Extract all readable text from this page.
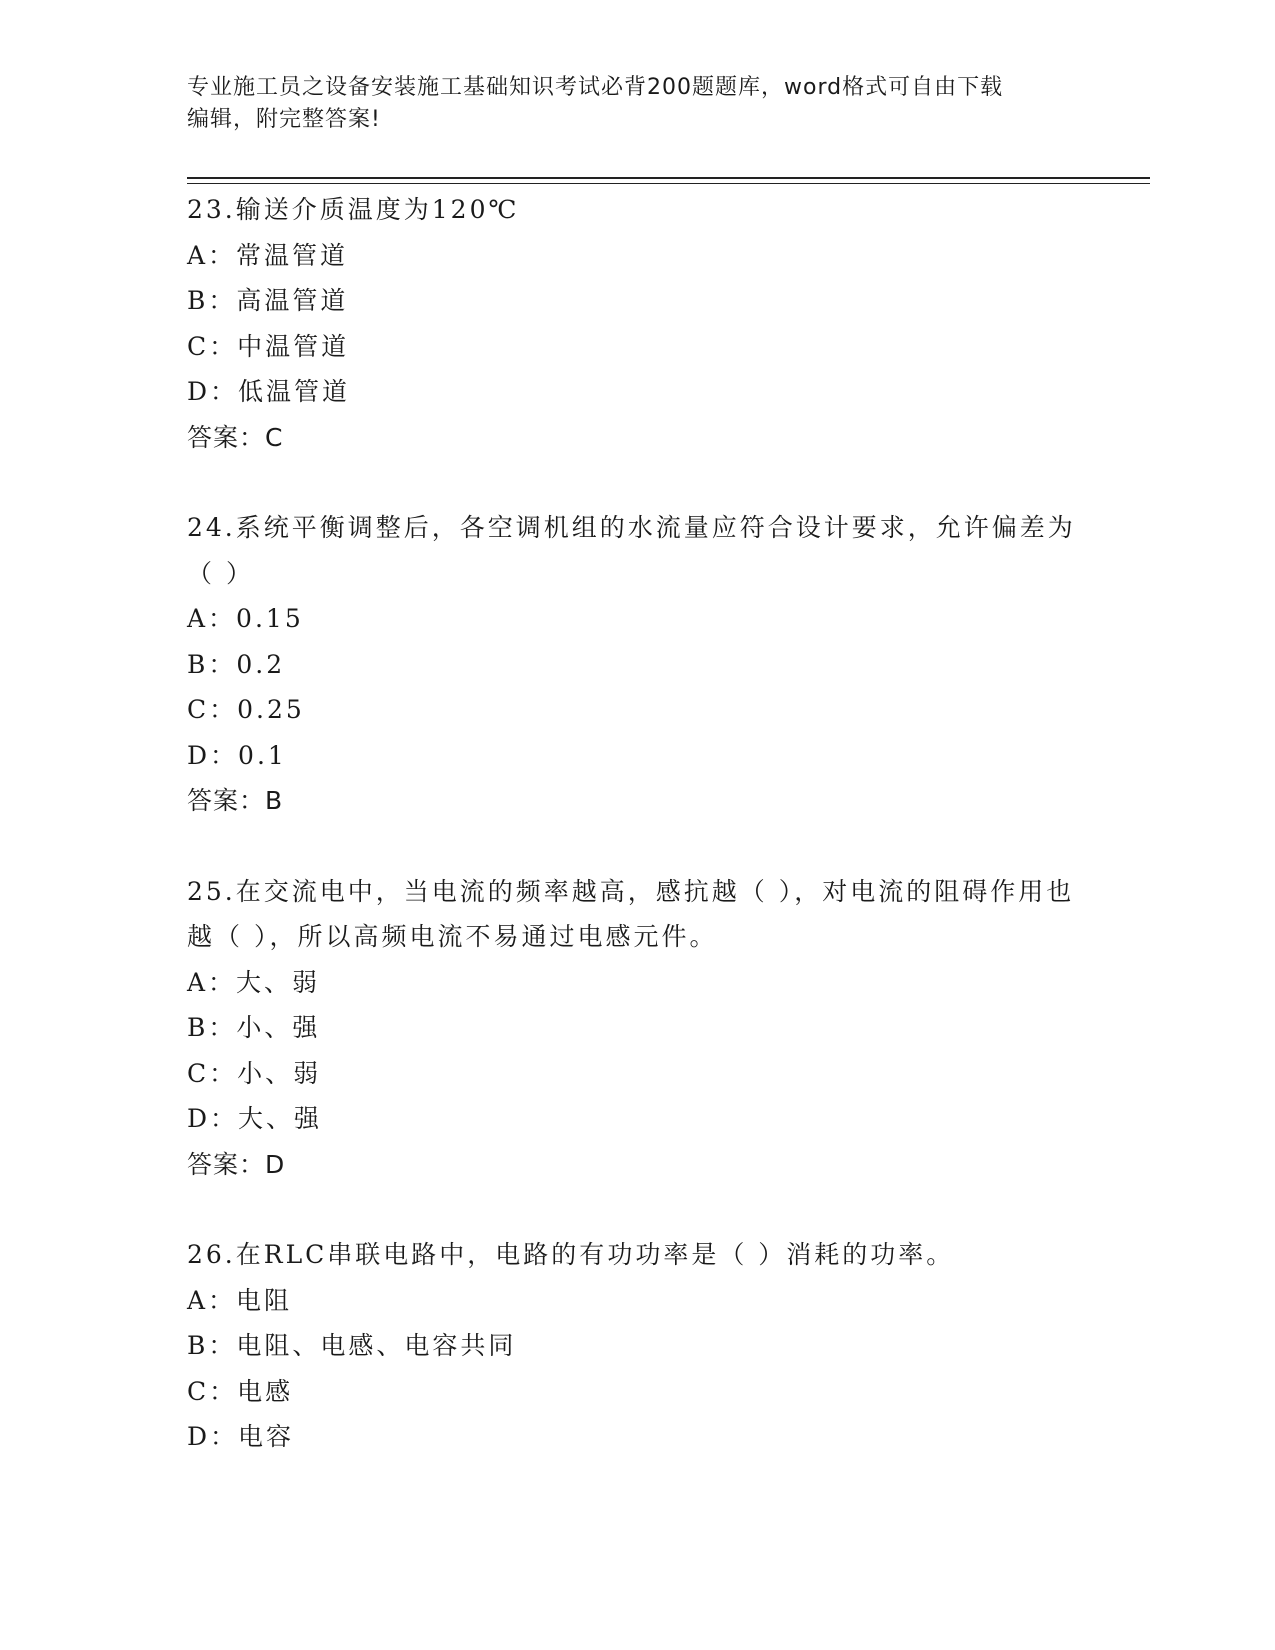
专业施工员之设备安装施工基础知识考试必背200题题库，word格式可自由下载
编辑，附完整答案!
23.输送介质温度为120℃
A：常温管道
B：高温管道
C：中温管道
D：低温管道
答案：C
24.系统平衡调整后，各空调机组的水流量应符合设计要求，允许偏差为（ ）
A：0.15
B：0.2
C：0.25
D：0.1
答案：B
25.在交流电中，当电流的频率越高，感抗越（ ），对电流的阻碍作用也越（ ），所以高频电流不易通过电感元件。
A：大、弱
B：小、强
C：小、弱
D：大、强
答案：D
26.在RLC串联电路中，电路的有功功率是（ ）消耗的功率。
A：电阻
B：电阻、电感、电容共同
C：电感
D：电容
